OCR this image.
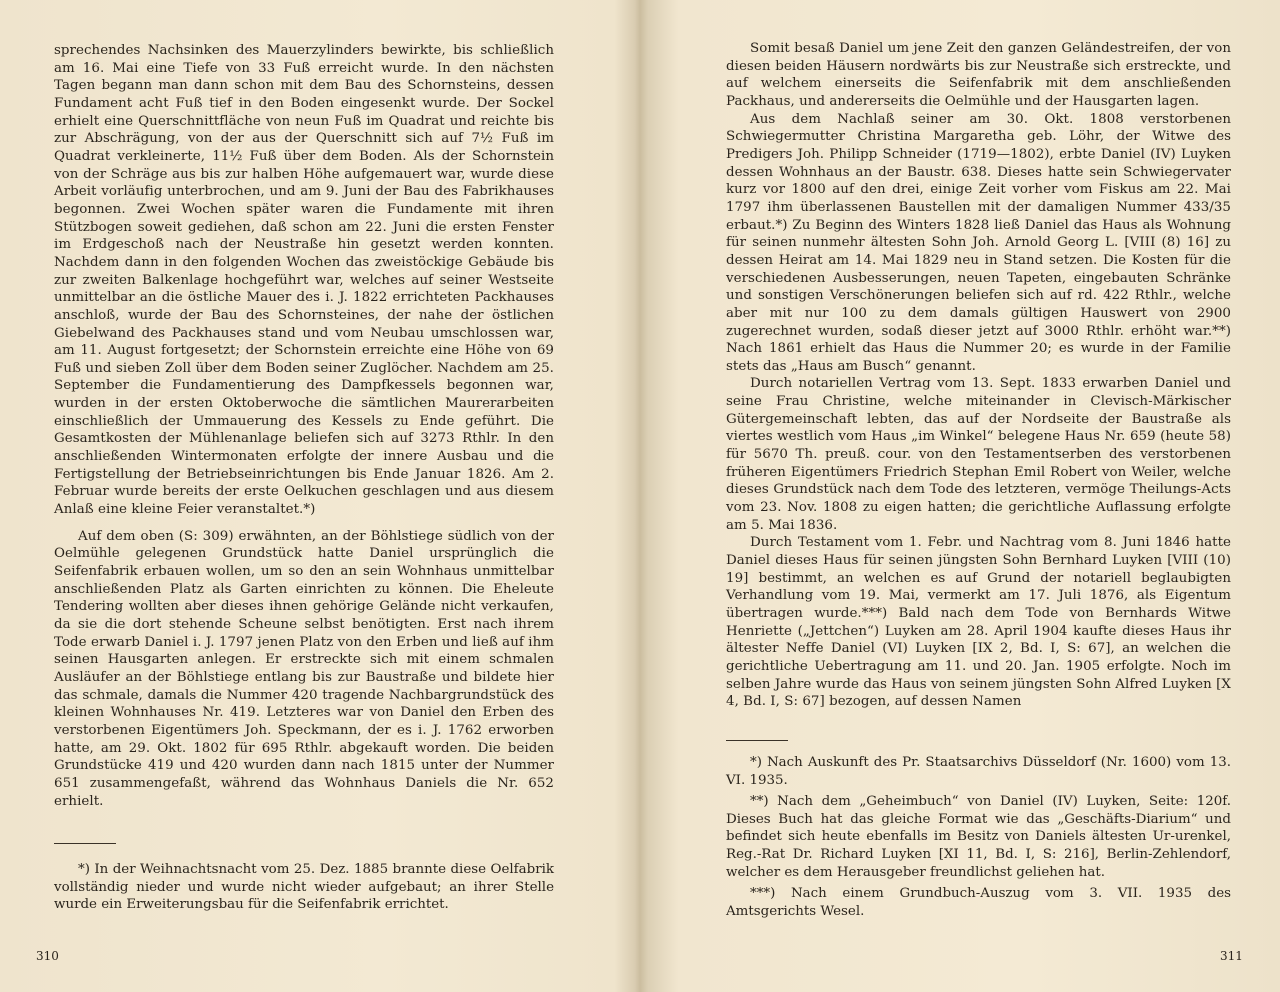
sprechendes Nachsinken des Mauerzylinders bewirkte, bis schließlich am 16. Mai eine Tiefe von 33 Fuß erreicht wurde. In den nächsten Tagen begann man dann schon mit dem Bau des Schornsteins, dessen Fundament acht Fuß tief in den Boden eingesenkt wurde. Der Sockel erhielt eine Querschnittfläche von neun Fuß im Quadrat und reichte bis zur Abschrägung, von der aus der Querschnitt sich auf 7½ Fuß im Quadrat verkleinerte, 11½ Fuß über dem Boden. Als der Schornstein von der Schräge aus bis zur halben Höhe aufgemauert war, wurde diese Arbeit vorläufig unterbrochen, und am 9. Juni der Bau des Fabrikhauses begonnen. Zwei Wochen später waren die Fundamente mit ihren Stützbogen soweit gediehen, daß schon am 22. Juni die ersten Fenster im Erdgeschoß nach der Neustraße hin gesetzt werden konnten. Nachdem dann in den folgenden Wochen das zweistöckige Gebäude bis zur zweiten Balkenlage hochgeführt war, welches auf seiner Westseite unmittelbar an die östliche Mauer des i. J. 1822 errichteten Packhauses anschloß, wurde der Bau des Schornsteines, der nahe der östlichen Giebelwand des Packhauses stand und vom Neubau umschlossen war, am 11. August fortgesetzt; der Schornstein erreichte eine Höhe von 69 Fuß und sieben Zoll über dem Boden seiner Zuglöcher. Nachdem am 25. September die Fundamentierung des Dampfkessels begonnen war, wurden in der ersten Oktoberwoche die sämtlichen Maurerarbeiten einschließlich der Ummauerung des Kessels zu Ende geführt. Die Gesamtkosten der Mühlenanlage beliefen sich auf 3273 Rthlr. In den anschließenden Wintermonaten erfolgte der innere Ausbau und die Fertigstellung der Betriebseinrichtungen bis Ende Januar 1826. Am 2. Februar wurde bereits der erste Oelkuchen geschlagen und aus diesem Anlaß eine kleine Feier veranstaltet.*)

Auf dem oben (S: 309) erwähnten, an der Böhlstiege südlich von der Oelmühle gelegenen Grundstück hatte Daniel ursprünglich die Seifenfabrik erbauen wollen, um so den an sein Wohnhaus unmittelbar anschließenden Platz als Garten einrichten zu können. Die Eheleute Tendering wollten aber dieses ihnen gehörige Gelände nicht verkaufen, da sie die dort stehende Scheune selbst benötigten. Erst nach ihrem Tode erwarb Daniel i. J. 1797 jenen Platz von den Erben und ließ auf ihm seinen Hausgarten anlegen. Er erstreckte sich mit einem schmalen Ausläufer an der Böhlstiege entlang bis zur Baustraße und bildete hier das schmale, damals die Nummer 420 tragende Nachbargrundstück des kleinen Wohnhauses Nr. 419. Letzteres war von Daniel den Erben des verstorbenen Eigentümers Joh. Speckmann, der es i. J. 1762 erworben hatte, am 29. Okt. 1802 für 695 Rthlr. abgekauft worden. Die beiden Grundstücke 419 und 420 wurden dann nach 1815 unter der Nummer 651 zusammengefaßt, während das Wohnhaus Daniels die Nr. 652 erhielt.

*) In der Weihnachtsnacht vom 25. Dez. 1885 brannte diese Oelfabrik vollständig nieder und wurde nicht wieder aufgebaut; an ihrer Stelle wurde ein Erweiterungsbau für die Seifenfabrik errichtet.

310

Somit besaß Daniel um jene Zeit den ganzen Geländestreifen, der von diesen beiden Häusern nordwärts bis zur Neustraße sich erstreckte, und auf welchem einerseits die Seifenfabrik mit dem anschließenden Packhaus, und andererseits die Oelmühle und der Hausgarten lagen.

Aus dem Nachlaß seiner am 30. Okt. 1808 verstorbenen Schwiegermutter Christina Margaretha geb. Löhr, der Witwe des Predigers Joh. Philipp Schneider (1719—1802), erbte Daniel (IV) Luyken dessen Wohnhaus an der Baustr. 638. Dieses hatte sein Schwiegervater kurz vor 1800 auf den drei, einige Zeit vorher vom Fiskus am 22. Mai 1797 ihm überlassenen Baustellen mit der damaligen Nummer 433/35 erbaut.*) Zu Beginn des Winters 1828 ließ Daniel das Haus als Wohnung für seinen nunmehr ältesten Sohn Joh. Arnold Georg L. [VIII (8) 16] zu dessen Heirat am 14. Mai 1829 neu in Stand setzen. Die Kosten für die verschiedenen Ausbesserungen, neuen Tapeten, eingebauten Schränke und sonstigen Verschönerungen beliefen sich auf rd. 422 Rthlr., welche aber mit nur 100 zu dem damals gültigen Hauswert von 2900 zugerechnet wurden, sodaß dieser jetzt auf 3000 Rthlr. erhöht war.**) Nach 1861 erhielt das Haus die Nummer 20; es wurde in der Familie stets das „Haus am Busch“ genannt.

Durch notariellen Vertrag vom 13. Sept. 1833 erwarben Daniel und seine Frau Christine, welche miteinander in Clevisch-Märkischer Gütergemeinschaft lebten, das auf der Nordseite der Baustraße als viertes westlich vom Haus „im Winkel“ belegene Haus Nr. 659 (heute 58) für 5670 Th. preuß. cour. von den Testamentserben des verstorbenen früheren Eigentümers Friedrich Stephan Emil Robert von Weiler, welche dieses Grundstück nach dem Tode des letzteren, vermöge Theilungs-Acts vom 23. Nov. 1808 zu eigen hatten; die gerichtliche Auflassung erfolgte am 5. Mai 1836.

Durch Testament vom 1. Febr. und Nachtrag vom 8. Juni 1846 hatte Daniel dieses Haus für seinen jüngsten Sohn Bernhard Luyken [VIII (10) 19] bestimmt, an welchen es auf Grund der notariell beglaubigten Verhandlung vom 19. Mai, vermerkt am 17. Juli 1876, als Eigentum übertragen wurde.***) Bald nach dem Tode von Bernhards Witwe Henriette („Jettchen“) Luyken am 28. April 1904 kaufte dieses Haus ihr ältester Neffe Daniel (VI) Luyken [IX 2, Bd. I, S: 67], an welchen die gerichtliche Uebertragung am 11. und 20. Jan. 1905 erfolgte. Noch im selben Jahre wurde das Haus von seinem jüngsten Sohn Alfred Luyken [X 4, Bd. I, S: 67] bezogen, auf dessen Namen

*) Nach Auskunft des Pr. Staatsarchivs Düsseldorf (Nr. 1600) vom 13. VI. 1935.

**) Nach dem „Geheimbuch“ von Daniel (IV) Luyken, Seite: 120f. Dieses Buch hat das gleiche Format wie das „Geschäfts-Diarium“ und befindet sich heute ebenfalls im Besitz von Daniels ältesten Ur-urenkel, Reg.-Rat Dr. Richard Luyken [XI 11, Bd. I, S: 216], Berlin-Zehlendorf, welcher es dem Herausgeber freundlichst geliehen hat.

***) Nach einem Grundbuch-Auszug vom 3. VII. 1935 des Amtsgerichts Wesel.

311
